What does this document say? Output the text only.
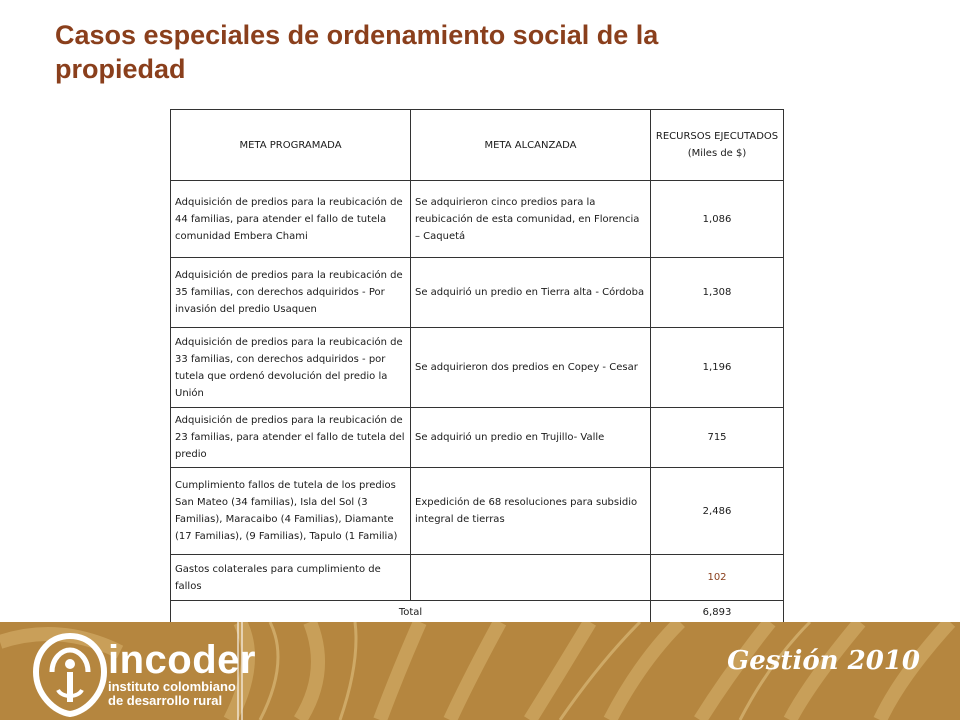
Casos especiales de ordenamiento social de la propiedad
META PROGRAMADA	META ALCANZADA	RECURSOS EJECUTADOS
(Miles de $)
Adquisición de predios para la reubicación de 44 familias, para atender el fallo de tutela comunidad Embera Chami	Se adquirieron cinco predios para la reubicación de esta comunidad, en Florencia – Caquetá	1,086
Adquisición de predios para la reubicación de 35 familias, con derechos adquiridos - Por invasión del predio Usaquen	Se adquirió un predio en Tierra alta - Córdoba	1,308
Adquisición de predios para la reubicación de 33 familias, con derechos adquiridos - por tutela que ordenó devolución del predio la Unión	Se adquirieron dos predios en Copey - Cesar	1,196
Adquisición de predios para la reubicación de 23 familias, para atender el fallo de tutela del predio	Se adquirió un predio en Trujillo- Valle	715
Cumplimiento fallos de tutela de los predios San Mateo (34 familias), Isla del Sol (3 Familias), Maracaibo (4 Familias), Diamante (17 Familias), (9 Familias), Tapulo (1 Familia)	Expedición de 68 resoluciones para subsidio integral de tierras	2,486
Gastos colaterales para cumplimiento de fallos		102
Total		6,893
incoder
instituto colombiano
de desarrollo rural
Gestión 2010
